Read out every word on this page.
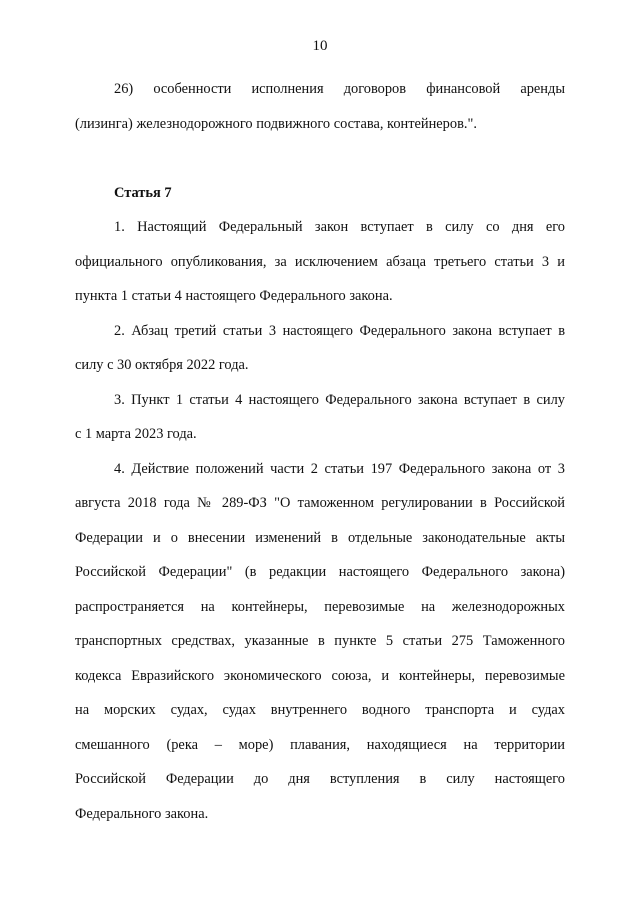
10
26) особенности исполнения договоров финансовой аренды
(лизинга) железнодорожного подвижного состава, контейнеров.".
Статья 7
1. Настоящий Федеральный закон вступает в силу со дня его
официального опубликования, за исключением абзаца третьего статьи 3 и
пункта 1 статьи 4 настоящего Федерального закона.
2. Абзац третий статьи 3 настоящего Федерального закона вступает в
силу с 30 октября 2022 года.
3. Пункт 1 статьи 4 настоящего Федерального закона вступает в силу
с 1 марта 2023 года.
4. Действие положений части 2 статьи 197 Федерального закона от 3
августа 2018 года № 289-ФЗ "О таможенном регулировании в Российской
Федерации и о внесении изменений в отдельные законодательные акты
Российской Федерации" (в редакции настоящего Федерального закона)
распространяется на контейнеры, перевозимые на железнодорожных
транспортных средствах, указанные в пункте 5 статьи 275 Таможенного
кодекса Евразийского экономического союза, и контейнеры, перевозимые
на морских судах, судах внутреннего водного транспорта и судах
смешанного (река – море) плавания, находящиеся на территории
Российской Федерации до дня вступления в силу настоящего
Федерального закона.
